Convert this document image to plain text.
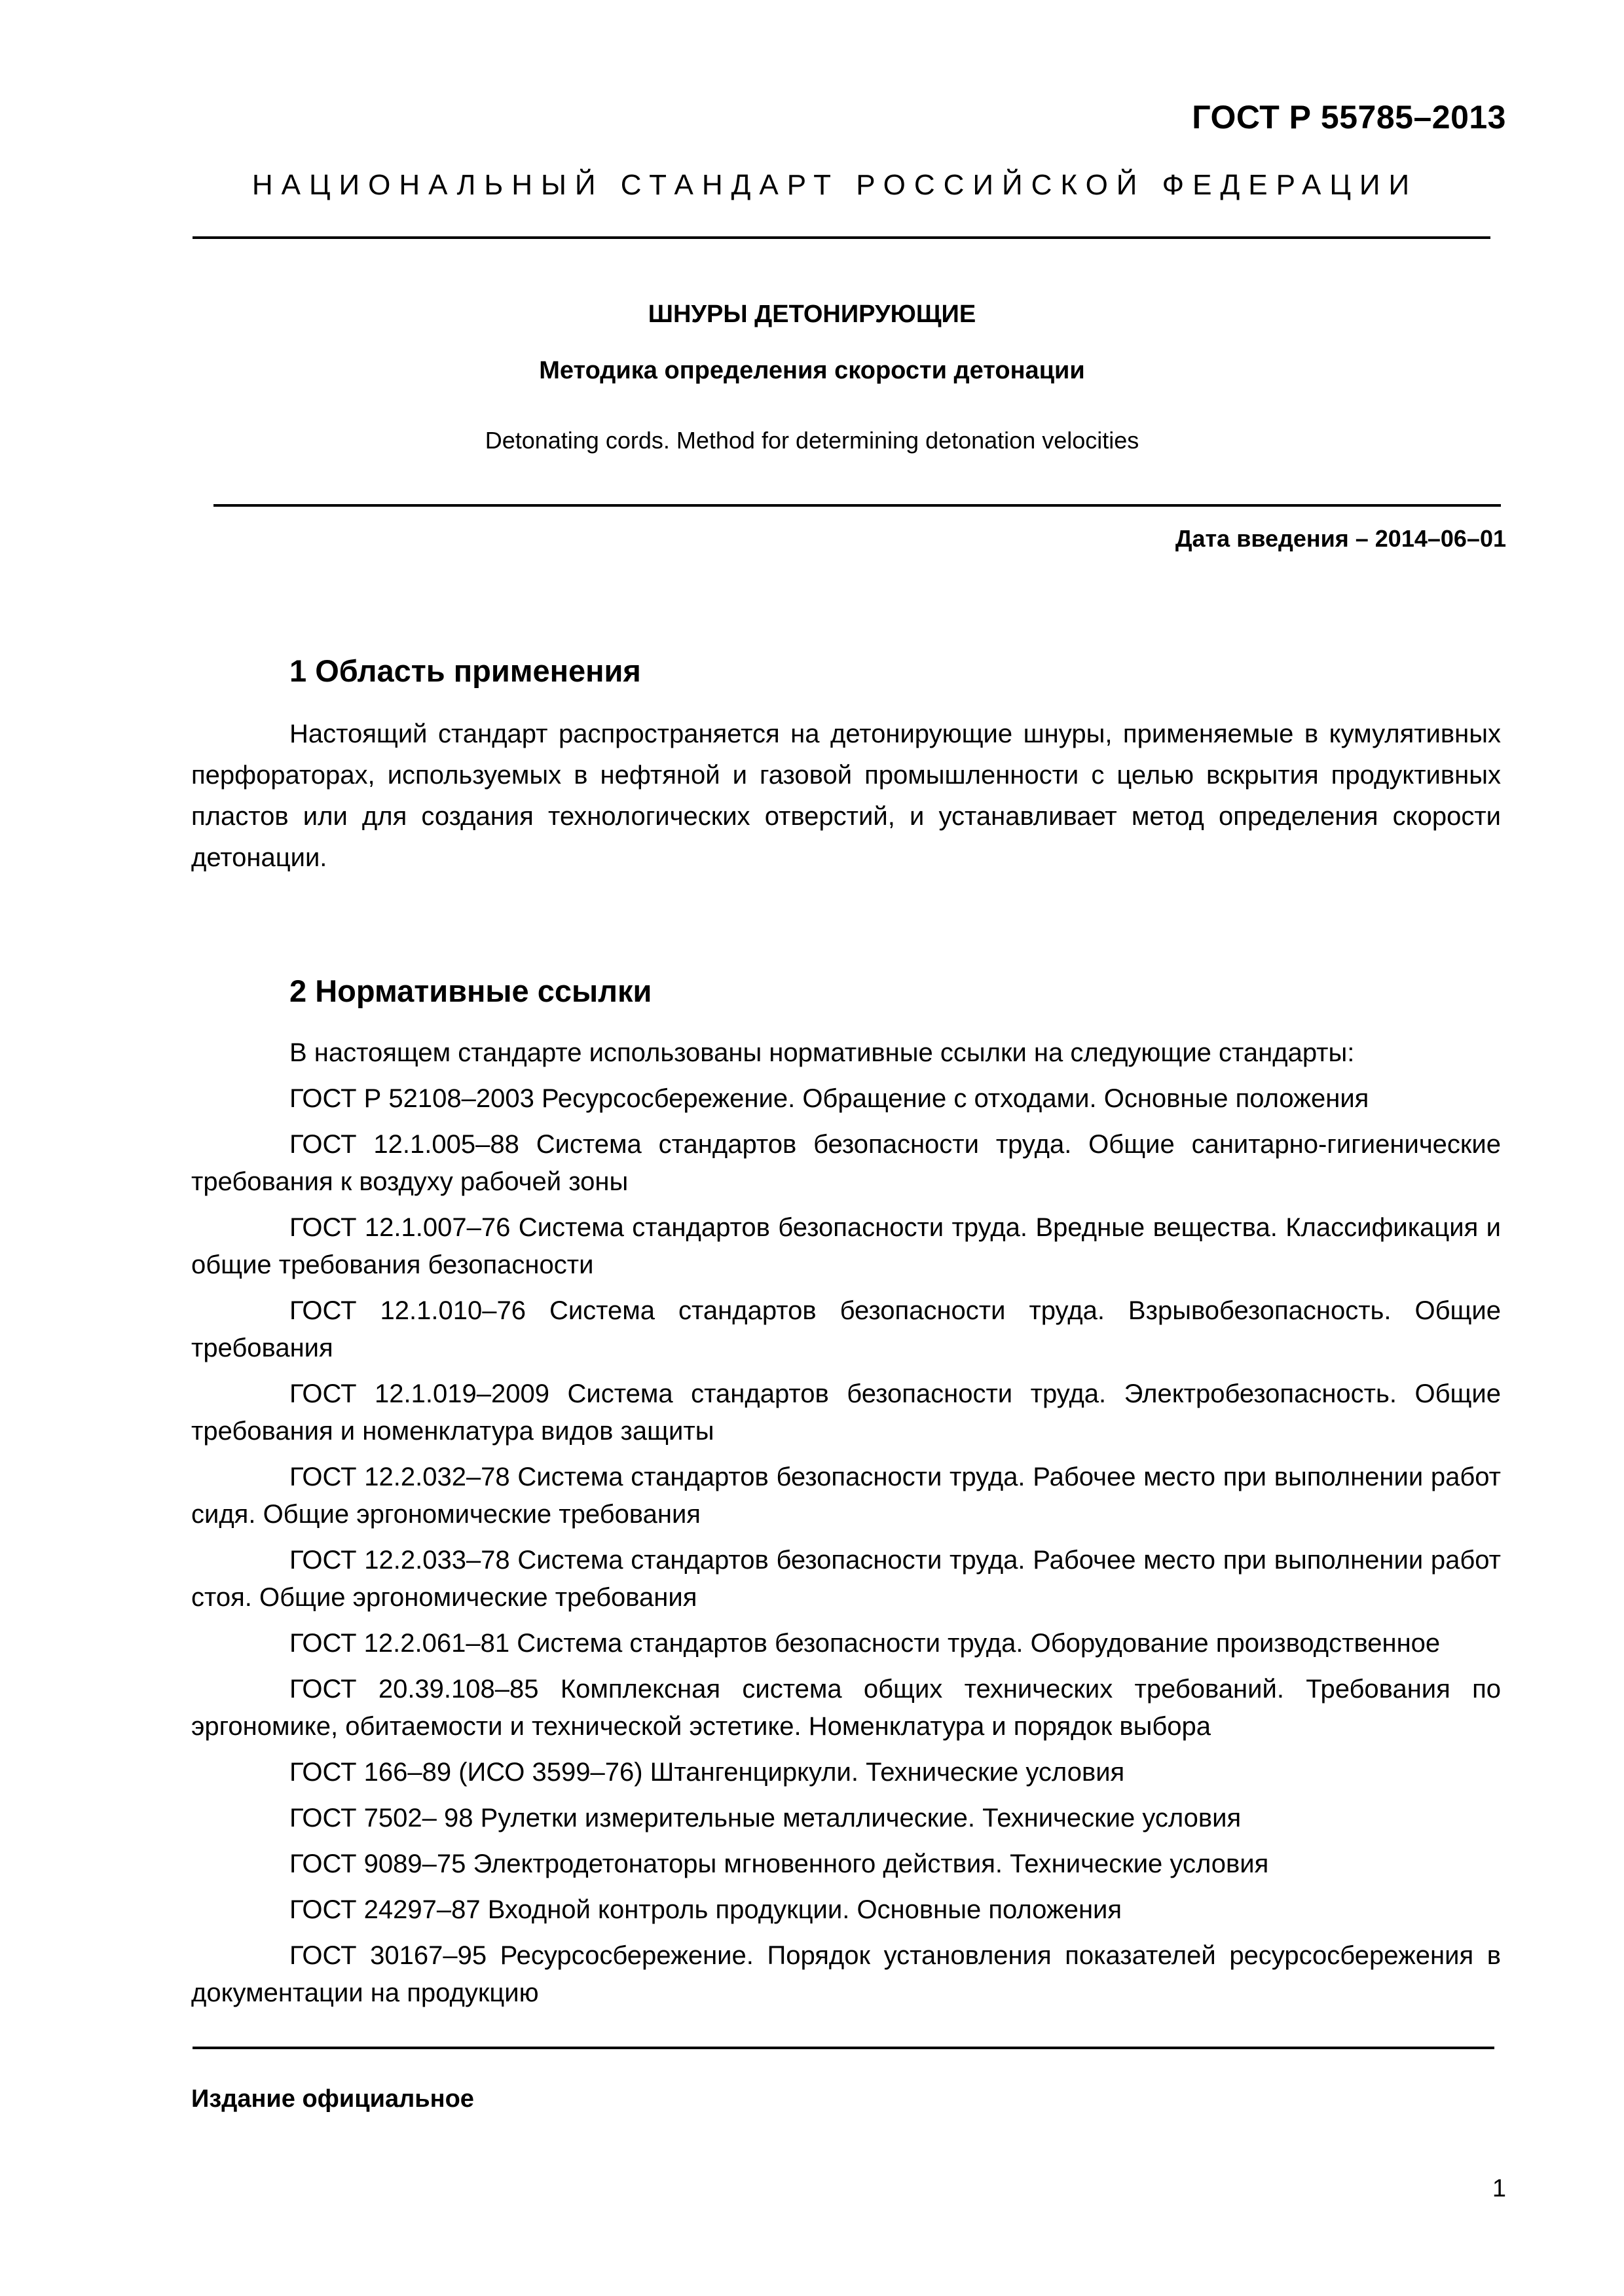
ГОСТ Р 55785–2013
НАЦИОНАЛЬНЫЙ СТАНДАРТ РОССИЙСКОЙ ФЕДЕРАЦИИ
ШНУРЫ ДЕТОНИРУЮЩИЕ
Методика определения скорости детонации
Detonating cords. Method for determining detonation velocities
Дата введения – 2014–06–01
1 Область применения

Настоящий стандарт распространяется на детонирующие шнуры, применяемые в кумулятивных перфораторах, используемых в нефтяной и газовой промышленности с целью вскрытия продуктивных пластов или для создания технологических отверстий, и устанавливает метод определения скорости детонации.

2 Нормативные ссылки
В настоящем стандарте использованы нормативные ссылки на следующие стандарты:
ГОСТ Р 52108–2003 Ресурсосбережение. Обращение с отходами. Основные положения
ГОСТ 12.1.005–88 Система стандартов безопасности труда. Общие санитарно-гигиенические требования к воздуху рабочей зоны
ГОСТ 12.1.007–76 Система стандартов безопасности труда. Вредные вещества. Классификация и общие требования безопасности
ГОСТ 12.1.010–76 Система стандартов безопасности труда. Взрывобезопасность. Общие требования
ГОСТ 12.1.019–2009 Система стандартов безопасности труда. Электробезопасность. Общие требования и номенклатура видов защиты
ГОСТ 12.2.032–78 Система стандартов безопасности труда. Рабочее место при выполнении работ сидя. Общие эргономические требования
ГОСТ 12.2.033–78 Система стандартов безопасности труда. Рабочее место при выполнении работ стоя. Общие эргономические требования
ГОСТ 12.2.061–81 Система стандартов безопасности труда. Оборудование производственное
ГОСТ 20.39.108–85 Комплексная система общих технических требований. Требования по эргономике, обитаемости и технической эстетике. Номенклатура и порядок выбора
ГОСТ 166–89 (ИСО 3599–76) Штангенциркули. Технические условия
ГОСТ 7502– 98 Рулетки измерительные металлические. Технические условия
ГОСТ 9089–75 Электродетонаторы мгновенного действия. Технические условия
ГОСТ 24297–87 Входной контроль продукции. Основные положения
ГОСТ 30167–95 Ресурсосбережение. Порядок установления показателей ресурсосбережения в документации на продукцию
Издание официальное
1
